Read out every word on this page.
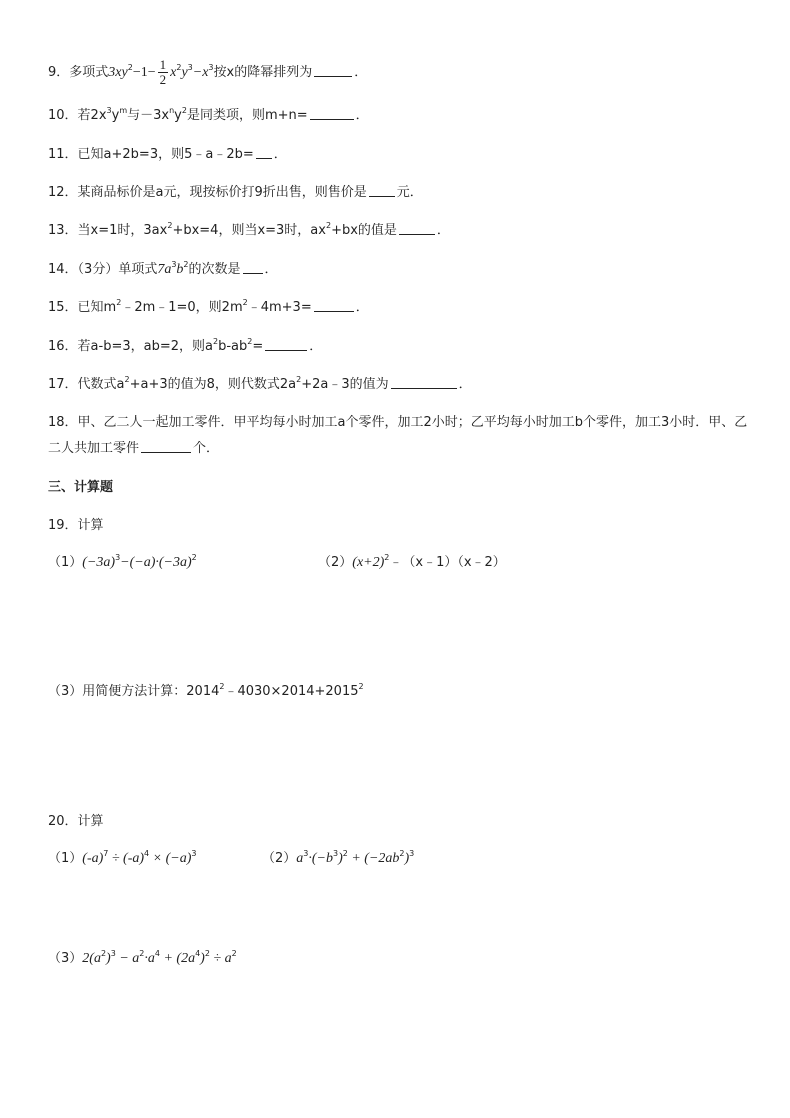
9．多项式$3xy^2-1- \frac{1}{2} x^2y^3-x^3$按x的降幂排列为	．
10．若$2x^3y^m$与$-3x^ny^2$是同类项，则m+n=	．
11．已知a+2b=3，则5﹣a﹣2b= ．
12．某商品标价是a元，现按标价打9折出售，则售价是 元．
13．当x=1时，$3ax^2+bx=4$，则当x=3时，$ax^2+bx$的值是	．
14．（3分）单项式$7a^3b^2$的次数是 ．
15．已知$m^2﹣2m﹣1=0$，则$2m^2﹣4m+3=$	．
16．若a-b=3，ab=2，则$a^2b-ab^2=$	．
17．代数式$a^2+a+3$的值为8，则代数式$2a^2+2a﹣3$的值为	．
18．甲、乙二人一起加工零件．甲平均每小时加工a个零件，加工2小时；乙平均每小时加工b个零件，加工3小时．甲、乙二人共加工零件	个．
三、计算题
19．计算
$(1)(-3a)^3-(-a)\cdot(-3a)^2$	$(2)(x+2)^2﹣(x﹣1)(x﹣2)$
（3）用简便方法计算：$2014^2﹣4030\times 2014+2015^2$
20．计算
$(1)(-a)^7 \div (-a)^4 \times (-a)^3$	$(2)a^3\cdot(-b^3)^2 + (-2ab^2)^3$
$(3)2(a^2)^3 - a^2\cdot a^4 + (2a^4)^2 \div a^2$
